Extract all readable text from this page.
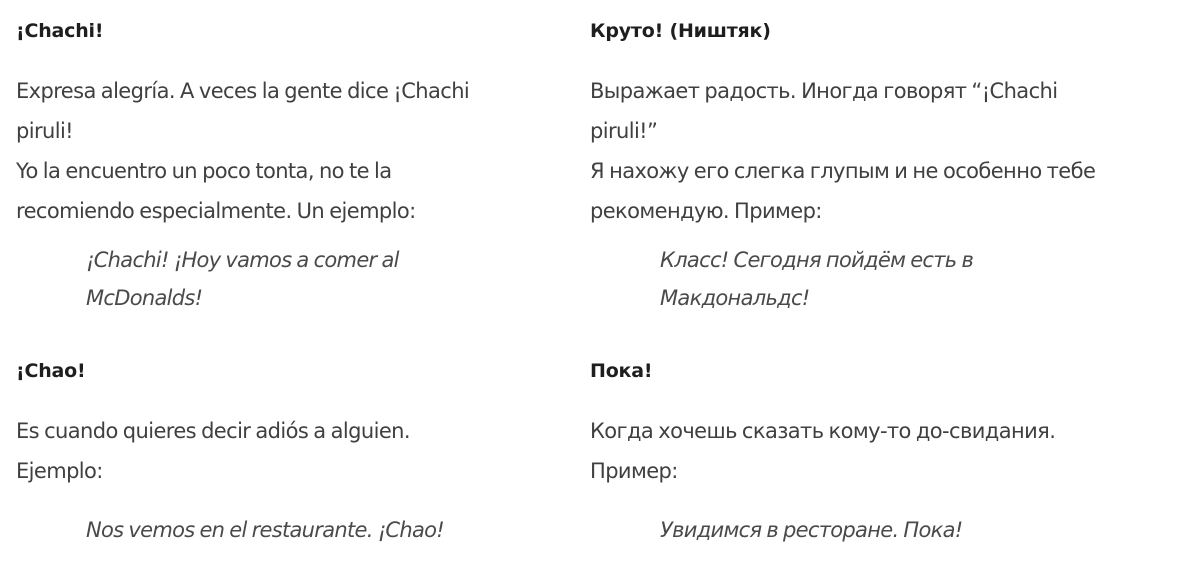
¡Chachi!
Expresa alegría. A veces la gente dice ¡Chachi
piruli!
Yo la encuentro un poco tonta, no te la
recomiendo especialmente. Un ejemplo:
¡Chachi! ¡Hoy vamos a comer al
McDonalds!
¡Chao!
Es cuando quieres decir adiós a alguien.
Ejemplo:
Nos vemos en el restaurante. ¡Chao!
Круто! (Ништяк)
Выражает радость. Иногда говорят “¡Chachi
piruli!”
Я нахожу его слегка глупым и не особенно тебе
рекомендую. Пример:
Класс! Сегодня пойдём есть в
Макдональдс!
Пока!
Когда хочешь сказать кому-то до-свидания.
Пример:
Увидимся в ресторане. Пока!
